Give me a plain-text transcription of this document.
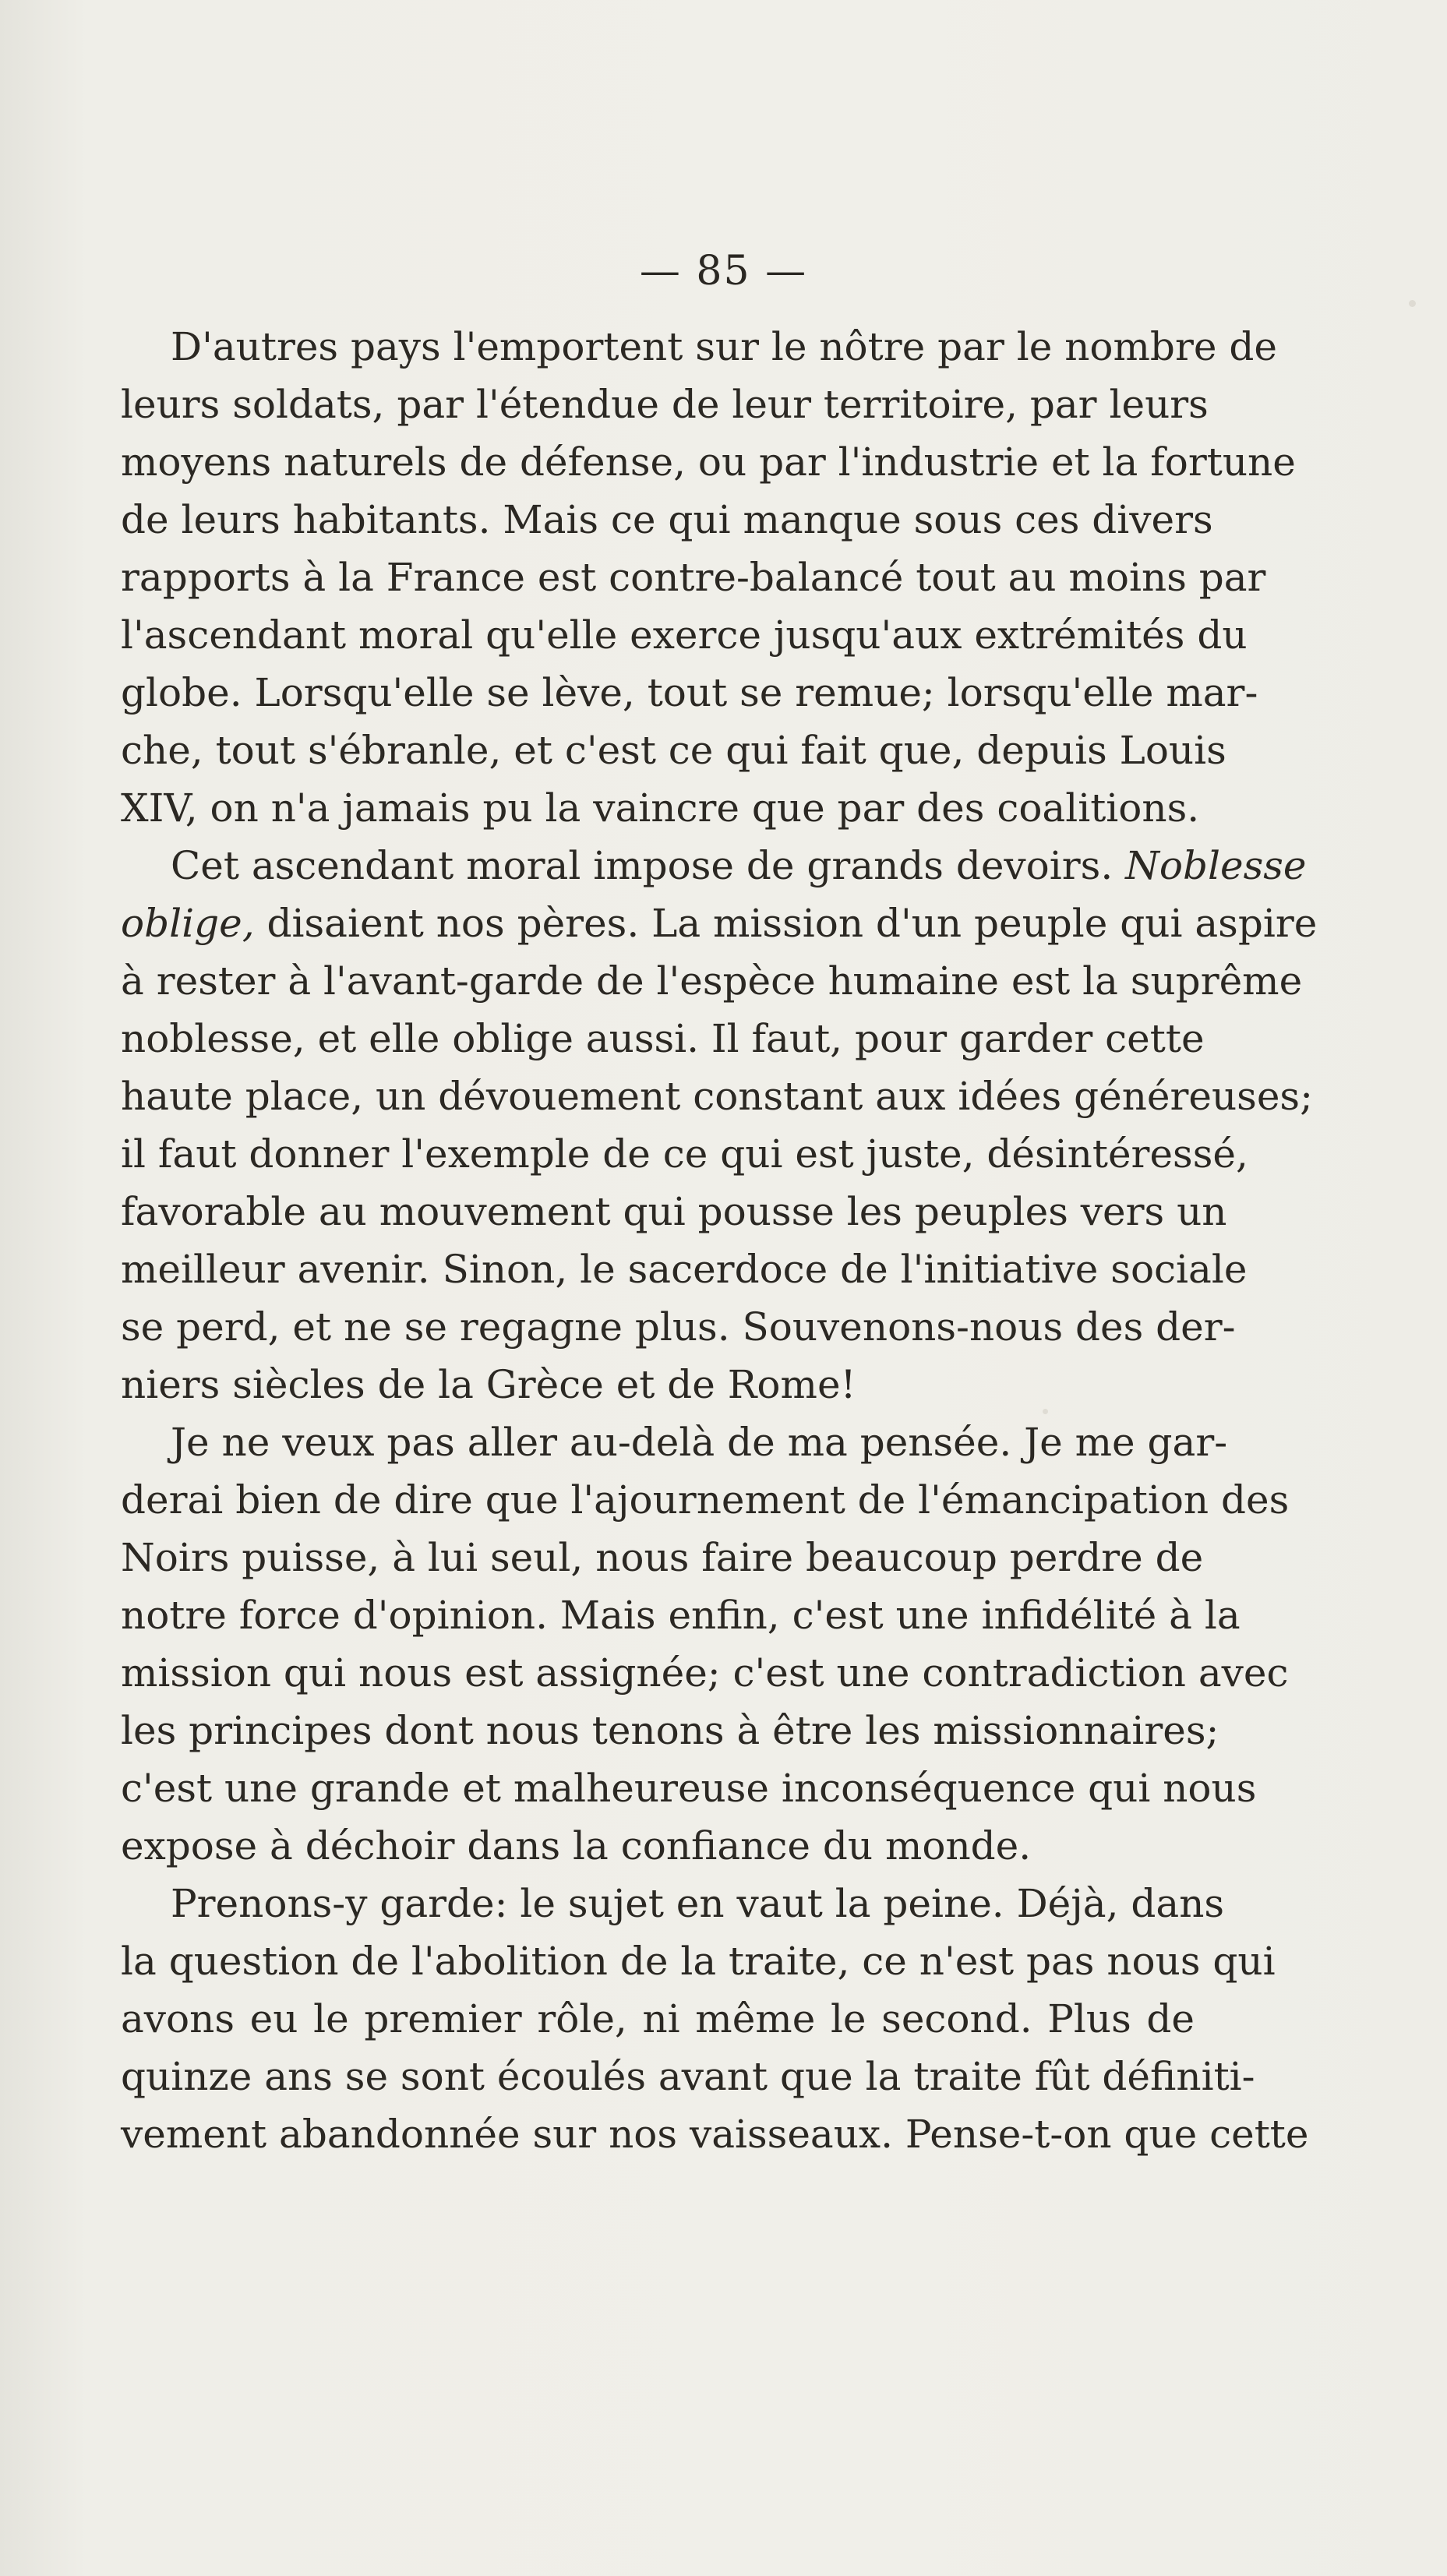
— 85 —
D'autres pays l'emportent sur le nôtre par le nombre de
leurs soldats, par l'étendue de leur territoire, par leurs
moyens naturels de défense, ou par l'industrie et la fortune
de leurs habitants. Mais ce qui manque sous ces divers
rapports à la France est contre-balancé tout au moins par
l'ascendant moral qu'elle exerce jusqu'aux extrémités du
globe. Lorsqu'elle se lève, tout se remue; lorsqu'elle mar-
che, tout s'ébranle, et c'est ce qui fait que, depuis Louis
XIV, on n'a jamais pu la vaincre que par des coalitions.
Cet ascendant moral impose de grands devoirs. Noblesse
oblige, disaient nos pères. La mission d'un peuple qui aspire
à rester à l'avant-garde de l'espèce humaine est la suprême
noblesse, et elle oblige aussi. Il faut, pour garder cette
haute place, un dévouement constant aux idées généreuses;
il faut donner l'exemple de ce qui est juste, désintéressé,
favorable au mouvement qui pousse les peuples vers un
meilleur avenir. Sinon, le sacerdoce de l'initiative sociale
se perd, et ne se regagne plus. Souvenons-nous des der-
niers siècles de la Grèce et de Rome!
Je ne veux pas aller au-delà de ma pensée. Je me gar-
derai bien de dire que l'ajournement de l'émancipation des
Noirs puisse, à lui seul, nous faire beaucoup perdre de
notre force d'opinion. Mais enfin, c'est une infidélité à la
mission qui nous est assignée; c'est une contradiction avec
les principes dont nous tenons à être les missionnaires;
c'est une grande et malheureuse inconséquence qui nous
expose à déchoir dans la confiance du monde.
Prenons-y garde: le sujet en vaut la peine. Déjà, dans
la question de l'abolition de la traite, ce n'est pas nous qui
avons eu le premier rôle, ni même le second. Plus de
quinze ans se sont écoulés avant que la traite fût définiti-
vement abandonnée sur nos vaisseaux. Pense-t-on que cette
